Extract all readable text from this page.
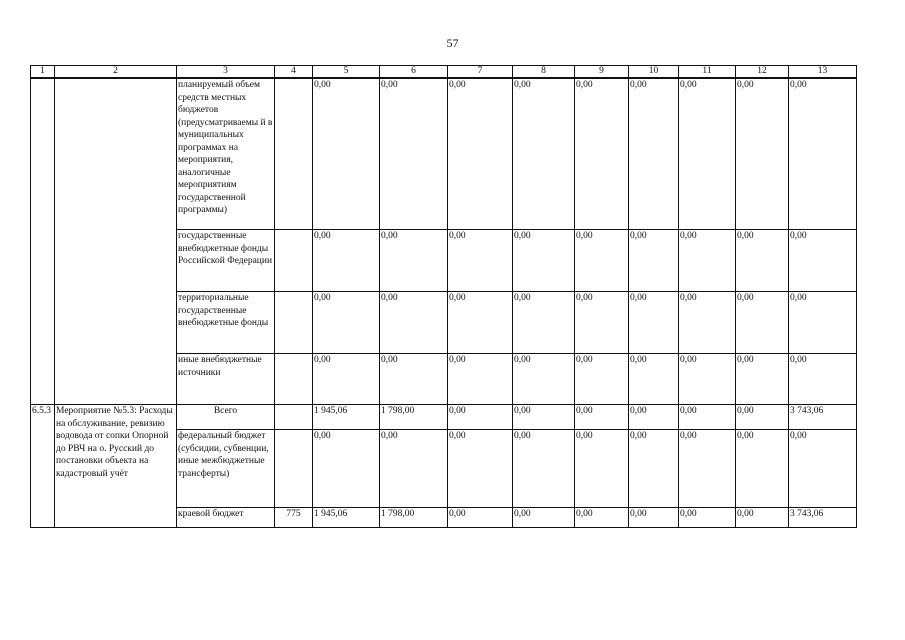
57
1	2	3	4	5	6	7	8	9	10	11	12	13
		планируемый объем средств местных бюджетов (предусматриваемы й в муниципальных программах на мероприятия, аналогичные мероприятиям государственной программы)		0,00	0,00	0,00	0,00	0,00	0,00	0,00	0,00	0,00
		государственные внебюджетные фонды Российской Федерации		0,00	0,00	0,00	0,00	0,00	0,00	0,00	0,00	0,00
		территориальные государственные внебюджетные фонды		0,00	0,00	0,00	0,00	0,00	0,00	0,00	0,00	0,00
		иные внебюджетные источники		0,00	0,00	0,00	0,00	0,00	0,00	0,00	0,00	0,00
6.5.3	Мероприятие №5.3: Расходы на обслуживание, ревизию водовода от сопки Опорной до РВЧ на о. Русский до постановки объекта на кадастровый учёт	Всего		1 945,06	1 798,00	0,00	0,00	0,00	0,00	0,00	0,00	3 743,06
		федеральный бюджет (субсидии, субвенции, иные межбюджетные трансферты)		0,00	0,00	0,00	0,00	0,00	0,00	0,00	0,00	0,00
		краевой бюджет	775	1 945,06	1 798,00	0,00	0,00	0,00	0,00	0,00	0,00	3 743,06
